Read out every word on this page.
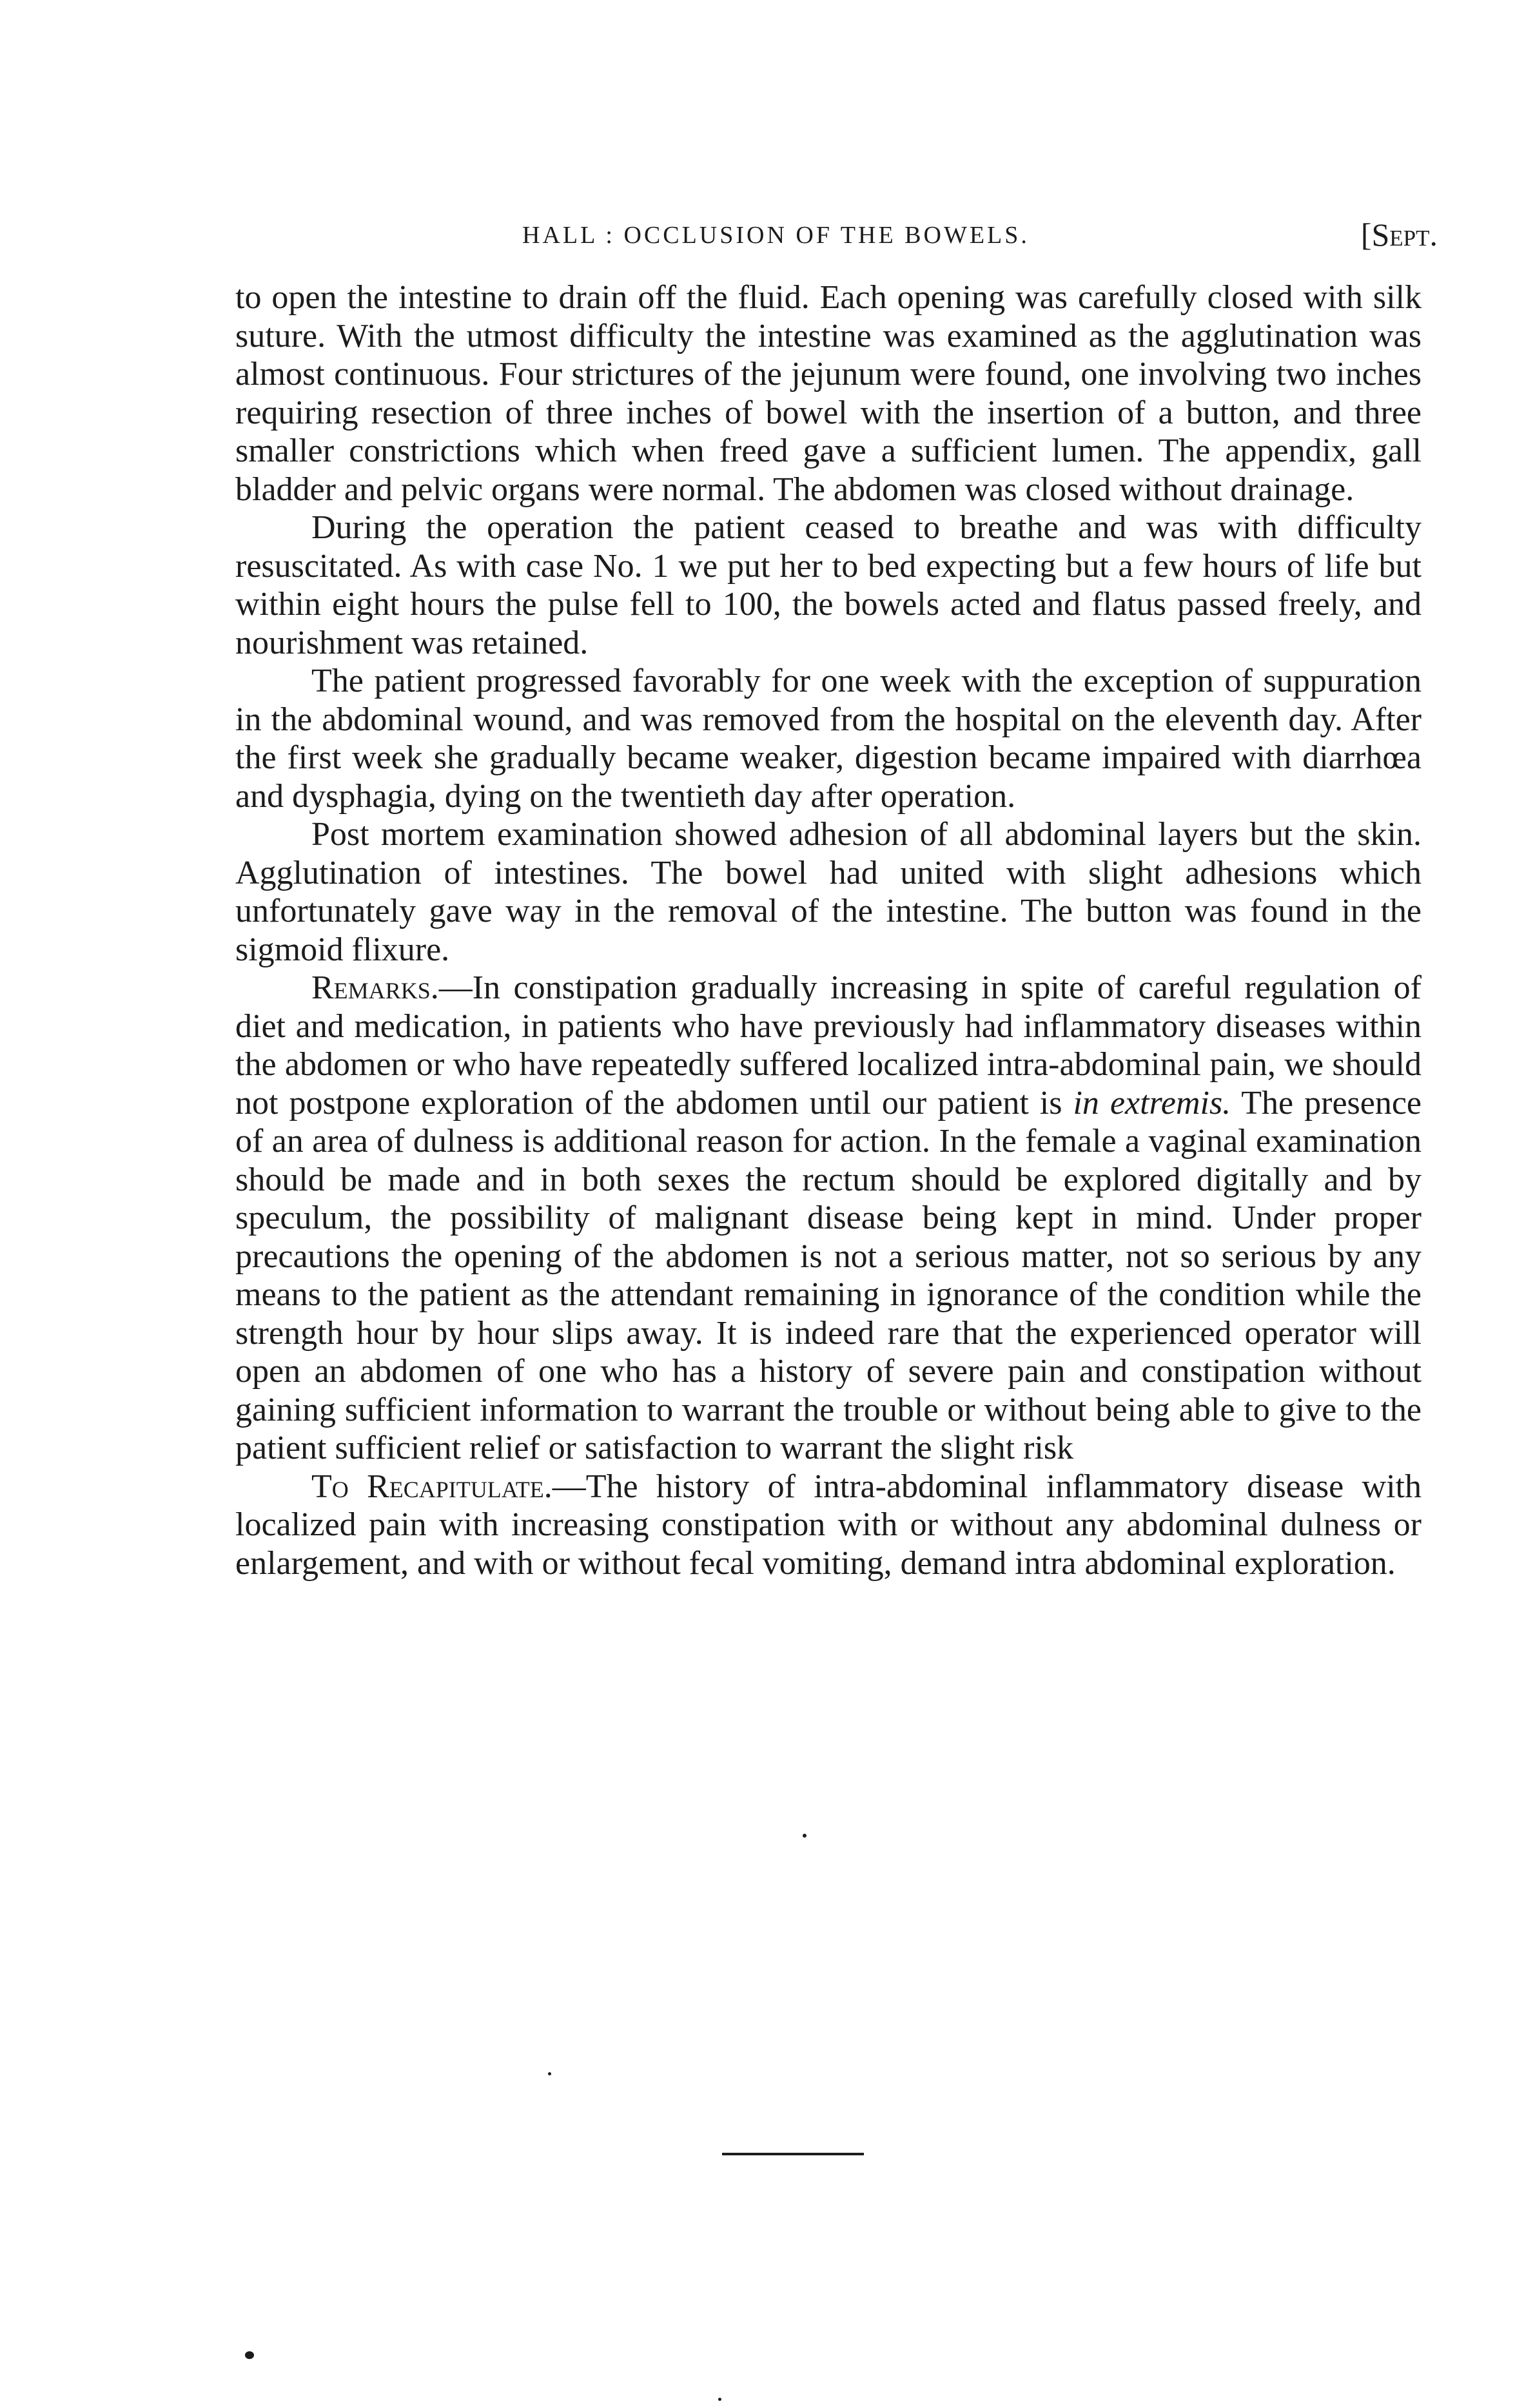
HALL : OCCLUSION OF THE BOWELS.	[Sept.

to open the intestine to drain off the fluid. Each opening was carefully closed with silk suture. With the utmost difficulty the intestine was examined as the agglutination was almost continuous. Four strictures of the jejunum were found, one involving two inches requiring resection of three inches of bowel with the insertion of a button, and three smaller constrictions which when freed gave a sufficient lumen. The appendix, gall bladder and pelvic organs were normal. The abdomen was closed without drainage.

During the operation the patient ceased to breathe and was with difficulty resuscitated. As with case No. 1 we put her to bed expecting but a few hours of life but within eight hours the pulse fell to 100, the bowels acted and flatus passed freely, and nourishment was retained.

The patient progressed favorably for one week with the exception of suppuration in the abdominal wound, and was removed from the hospital on the eleventh day. After the first week she gradually became weaker, digestion became impaired with diarrhœa and dysphagia, dying on the twentieth day after operation.

Post mortem examination showed adhesion of all abdominal layers but the skin. Agglutination of intestines. The bowel had united with slight adhesions which unfortunately gave way in the removal of the intestine. The button was found in the sigmoid flixure.

Remarks.—In constipation gradually increasing in spite of careful regulation of diet and medication, in patients who have previously had inflammatory diseases within the abdomen or who have repeatedly suffered localized intra-abdominal pain, we should not postpone exploration of the abdomen until our patient is in extremis. The presence of an area of dulness is additional reason for action. In the female a vaginal examination should be made and in both sexes the rectum should be explored digitally and by speculum, the possibility of malignant disease being kept in mind. Under proper precautions the opening of the abdomen is not a serious matter, not so serious by any means to the patient as the attendant remaining in ignorance of the condition while the strength hour by hour slips away. It is indeed rare that the experienced operator will open an abdomen of one who has a history of severe pain and constipation without gaining sufficient information to warrant the trouble or without being able to give to the patient sufficient relief or satisfaction to warrant the slight risk

To Recapitulate.—The history of intra-abdominal inflammatory disease with localized pain with increasing constipation with or without any abdominal dulness or enlargement, and with or without fecal vomiting, demand intra abdominal exploration.
